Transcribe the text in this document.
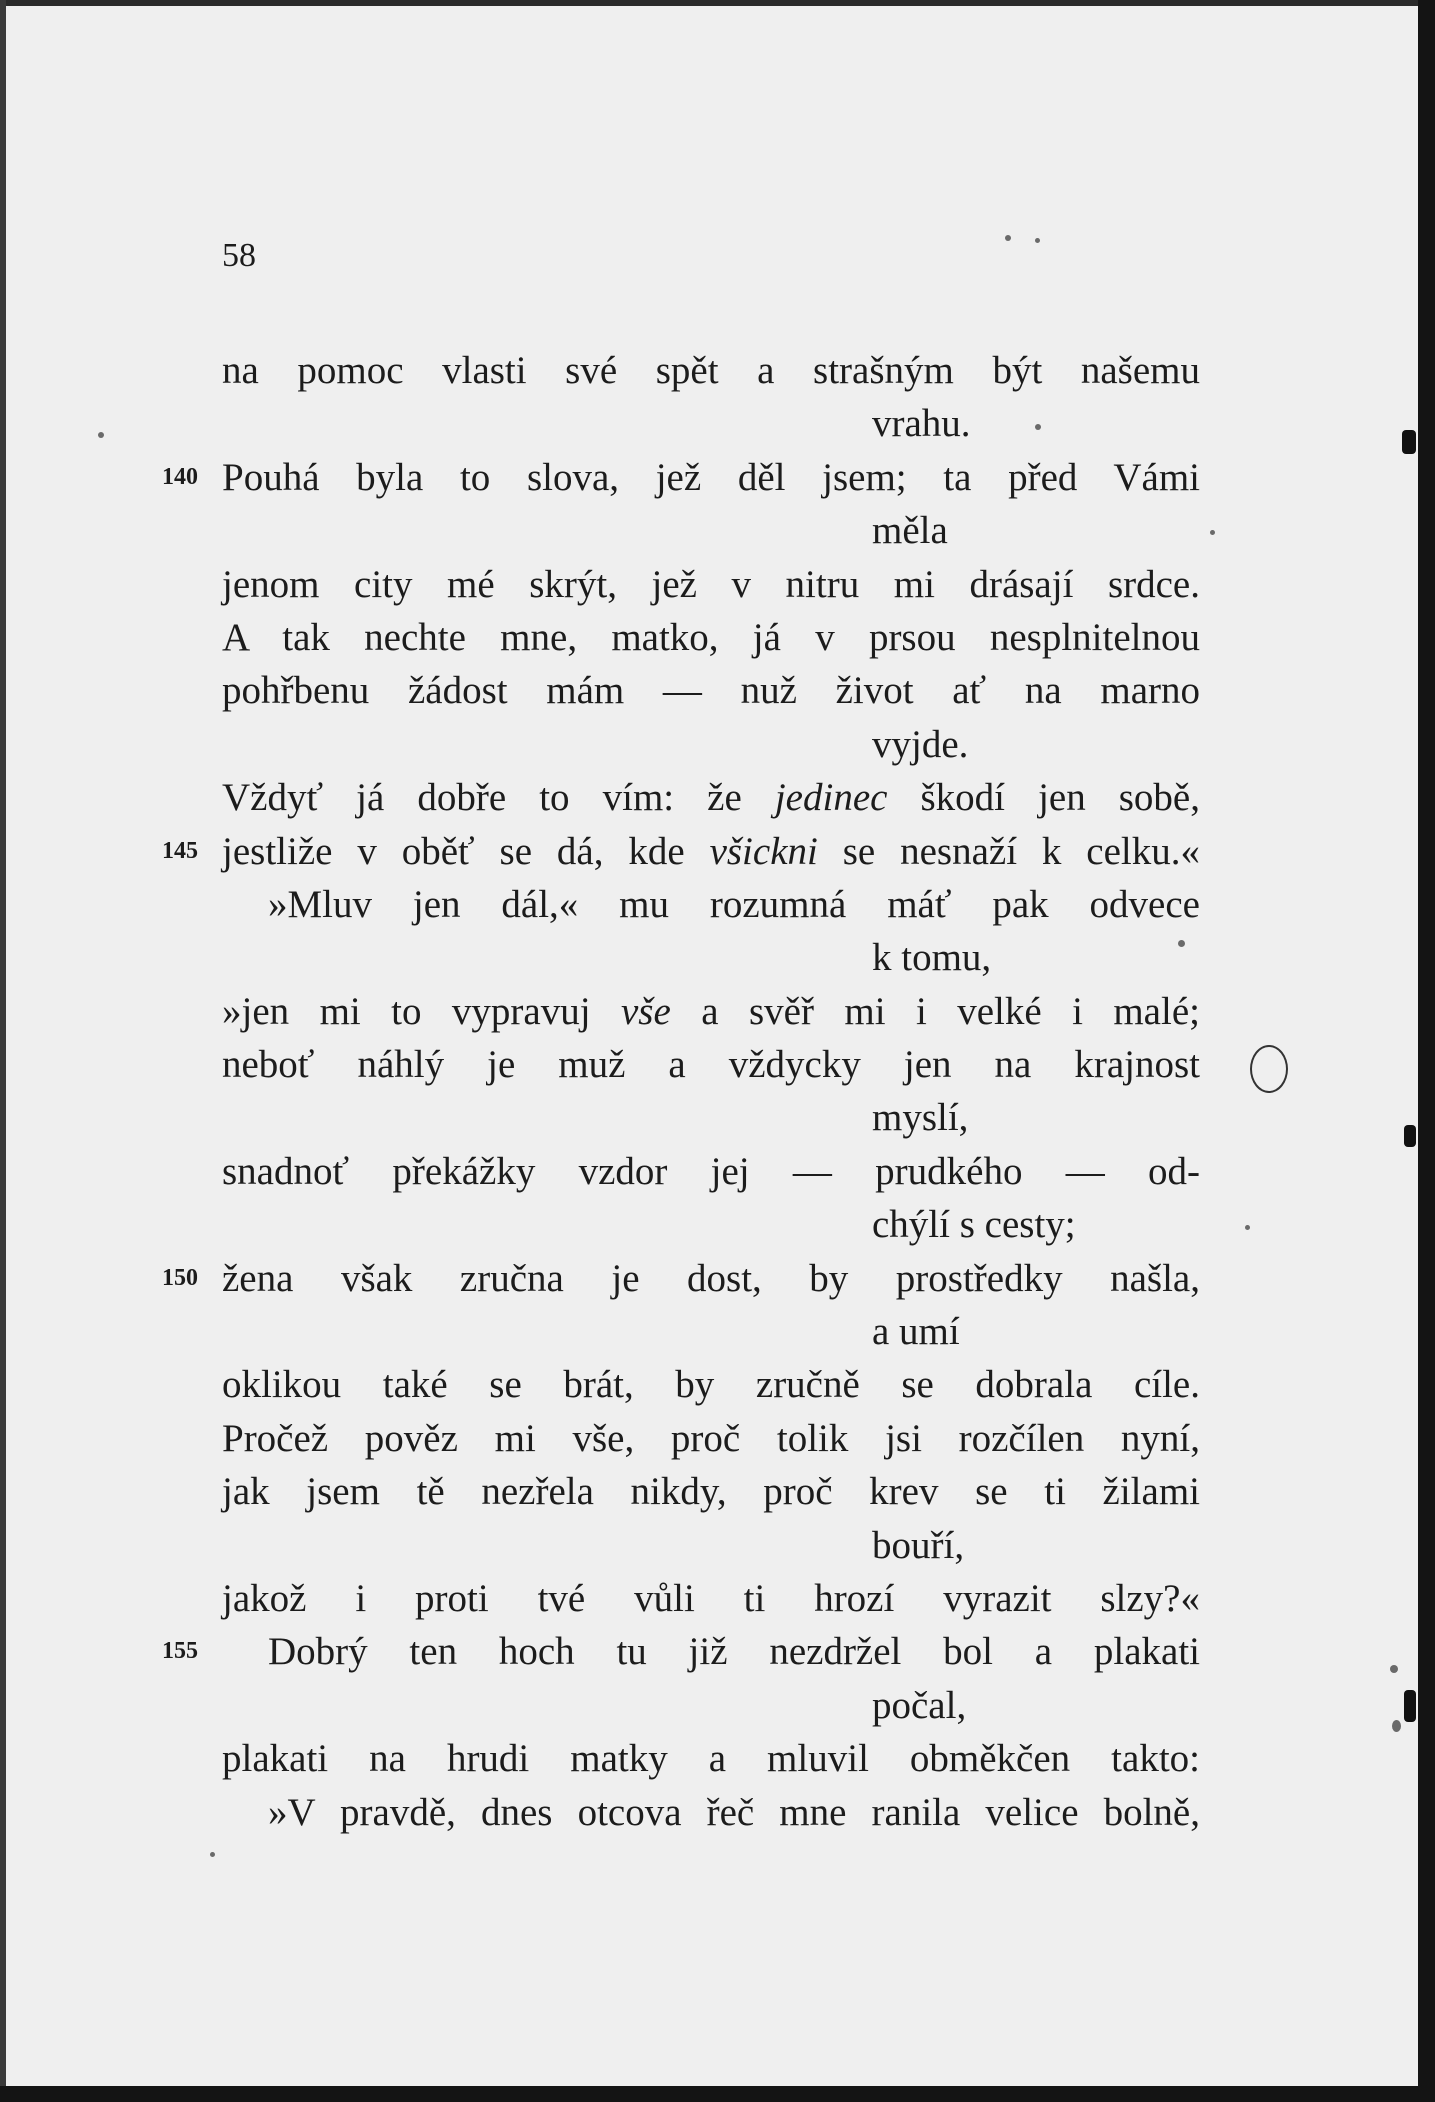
58
na pomoc vlasti své spět a strašným být našemu
vrahu.
140 Pouhá byla to slova, jež děl jsem; ta před Vámi
měla
jenom city mé skrýt, jež v nitru mi drásají srdce.
A tak nechte mne, matko, já v prsou nesplnitelnou
pohřbenu žádost mám — nuž život ať na marno
vyjde.
Vždyť já dobře to vím: že jedinec škodí jen sobě,
145 jestliže v oběť se dá, kde všickni se nesnaží k celku.«
»Mluv jen dál,« mu rozumná máť pak odvece
k tomu,
»jen mi to vypravuj vše a svěř mi i velké i malé;
neboť náhlý je muž a vždycky jen na krajnost
myslí,
snadnoť překážky vzdor jej — prudkého — od-
chýlí s cesty;
150 žena však zručna je dost, by prostředky našla,
a umí
oklikou také se brát, by zručně se dobrala cíle.
Pročež pověz mi vše, proč tolik jsi rozčílen nyní,
jak jsem tě nezřela nikdy, proč krev se ti žilami
bouří,
jakož i proti tvé vůli ti hrozí vyrazit slzy?«
155	Dobrý ten hoch tu již nezdržel bol a plakati
počal,
plakati na hrudi matky a mluvil obměkčen takto:
»V pravdě, dnes otcova řeč mne ranila velice bolně,
